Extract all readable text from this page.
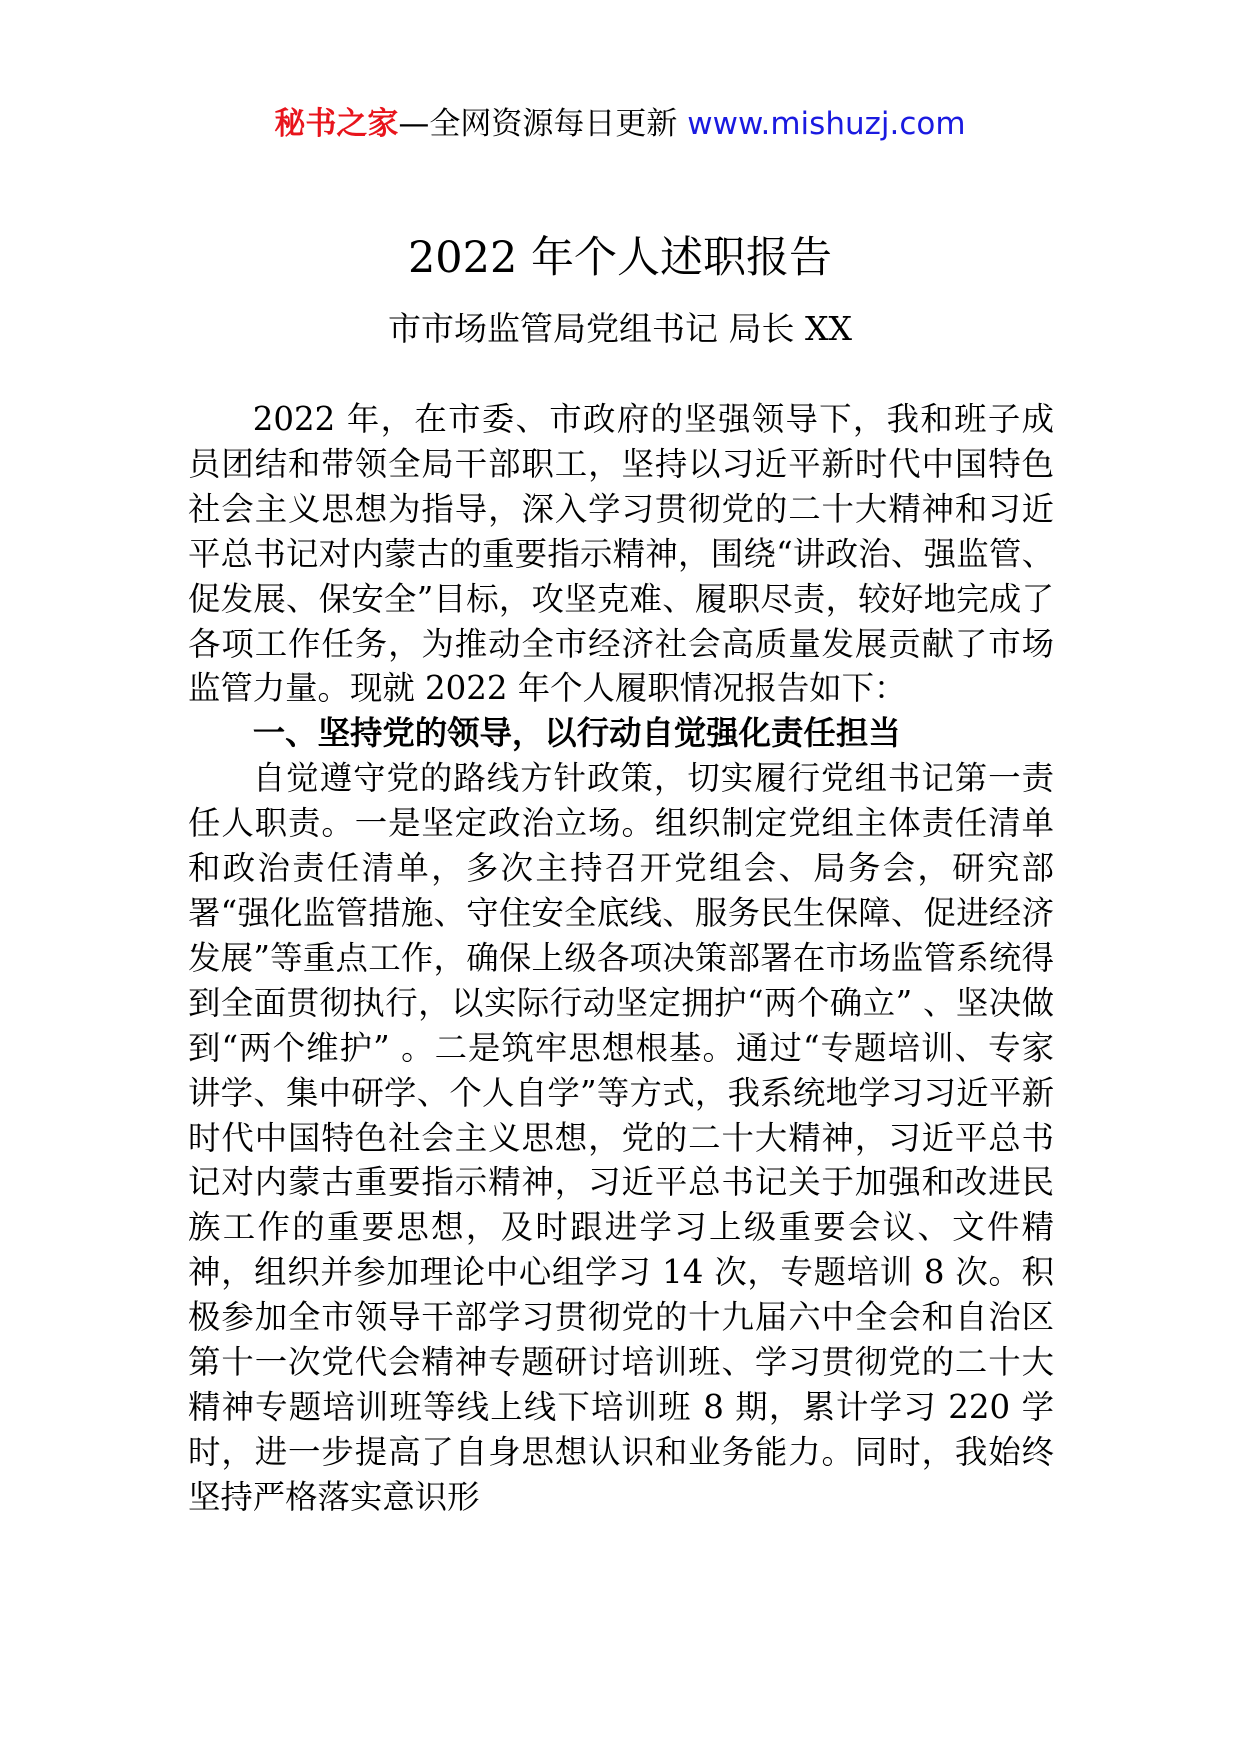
秘书之家—全网资源每日更新 www.mishuzj.com
2022 年个人述职报告
市市场监管局党组书记 局长 XX

2022 年，在市委、市政府的坚强领导下，我和班子成员团结和带领全局干部职工，坚持以习近平新时代中国特色社会主义思想为指导，深入学习贯彻党的二十大精神和习近平总书记对内蒙古的重要指示精神，围绕“讲政治、强监管、促发展、保安全”目标，攻坚克难、履职尽责，较好地完成了各项工作任务，为推动全市经济社会高质量发展贡献了市场监管力量。现就 2022 年个人履职情况报告如下：

一、坚持党的领导，以行动自觉强化责任担当

自觉遵守党的路线方针政策，切实履行党组书记第一责任人职责。一是坚定政治立场。组织制定党组主体责任清单和政治责任清单，多次主持召开党组会、局务会，研究部署“强化监管措施、守住安全底线、服务民生保障、促进经济发展”等重点工作，确保上级各项决策部署在市场监管系统得到全面贯彻执行，以实际行动坚定拥护“两个确立” 、坚决做到“两个维护” 。二是筑牢思想根基。通过“专题培训、专家讲学、集中研学、个人自学”等方式，我系统地学习习近平新时代中国特色社会主义思想，党的二十大精神，习近平总书记对内蒙古重要指示精神，习近平总书记关于加强和改进民族工作的重要思想，及时跟进学习上级重要会议、文件精神，组织并参加理论中心组学习 14 次，专题培训 8 次。积极参加全市领导干部学习贯彻党的十九届六中全会和自治区第十一次党代会精神专题研讨培训班、学习贯彻党的二十大精神专题培训班等线上线下培训班 8 期，累计学习 220 学时，进一步提高了自身思想认识和业务能力。同时，我始终坚持严格落实意识形
